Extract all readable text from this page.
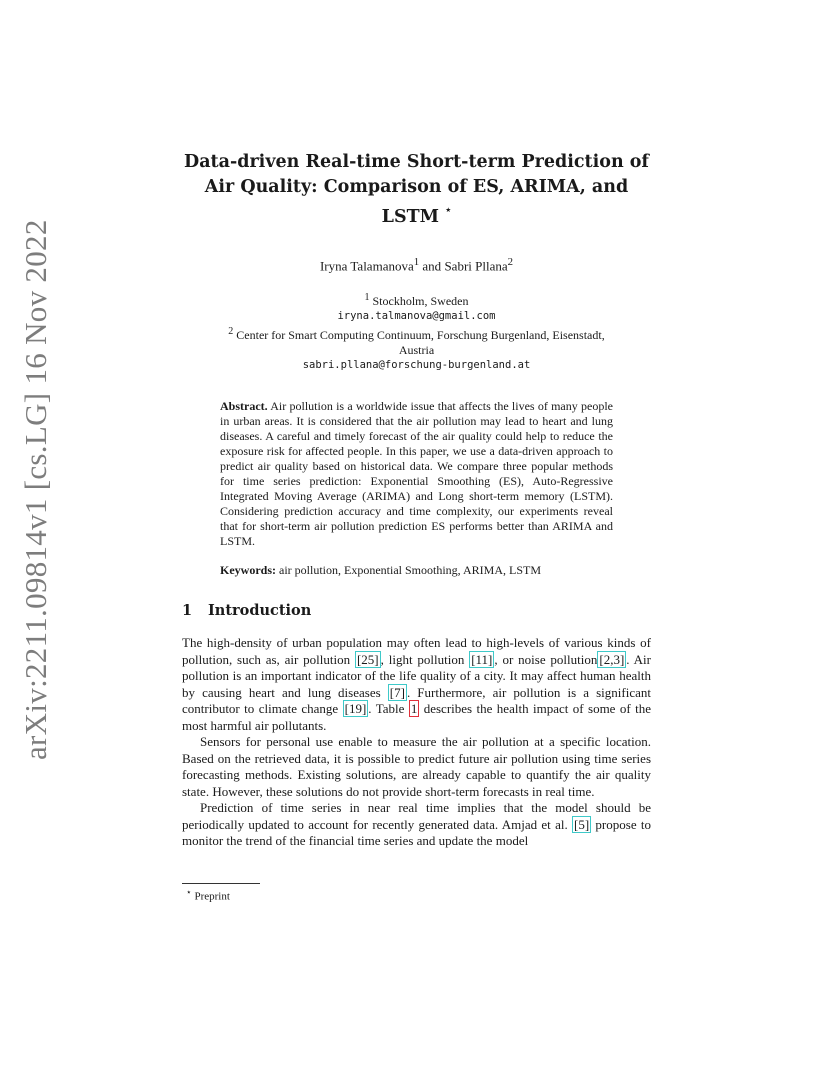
arXiv:2211.09814v1 [cs.LG] 16 Nov 2022
Data-driven Real-time Short-term Prediction of
Air Quality: Comparison of ES, ARIMA, and
LSTM ⋆
Iryna Talamanova$^1$ and Sabri Pllana$^2$
$^1$ Stockholm, Sweden
iryna.talmanova@gmail.com
$^2$ Center for Smart Computing Continuum, Forschung Burgenland, Eisenstadt,
Austria
sabri.pllana@forschung-burgenland.at
Abstract. Air pollution is a worldwide issue that affects the lives of many people in urban areas. It is considered that the air pollution may lead to heart and lung diseases. A careful and timely forecast of the air quality could help to reduce the exposure risk for affected people. In this paper, we use a data-driven approach to predict air quality based on historical data. We compare three popular methods for time series prediction: Exponential Smoothing (ES), Auto-Regressive Integrated Moving Average (ARIMA) and Long short-term memory (LSTM). Considering prediction accuracy and time complexity, our experiments reveal that for short-term air pollution prediction ES performs better than ARIMA and LSTM.
Keywords: air pollution, Exponential Smoothing, ARIMA, LSTM
1 Introduction

The high-density of urban population may often lead to high-levels of various kinds of pollution, such as, air pollution [25] , light pollution [11] , or noise pollution [2,3] . Air pollution is an important indicator of the life quality of a city. It may affect human health by causing heart and lung diseases [7] . Furthermore, air pollution is a significant contributor to climate change [19] . Table 1 describes the health impact of some of the most harmful air pollutants.

Sensors for personal use enable to measure the air pollution at a specific location. Based on the retrieved data, it is possible to predict future air pollution using time series forecasting methods. Existing solutions, are already capable to quantify the air quality state. However, these solutions do not provide short-term forecasts in real time.

Prediction of time series in near real time implies that the model should be periodically updated to account for recently generated data. Amjad et al. [5] propose to monitor the trend of the financial time series and update the model

⋆ Preprint
